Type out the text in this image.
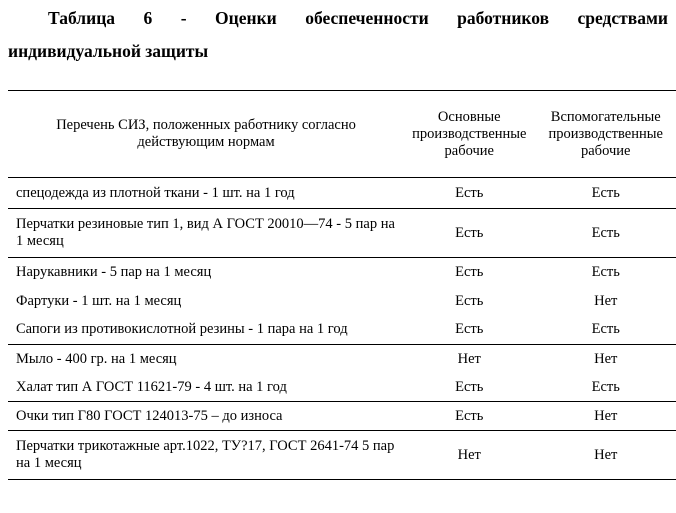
Таблица 6 - Оценки обеспеченности работников средствами
индивидуальной защиты
Перечень СИЗ, положенных работнику согласно действующим нормам	Основные производственные рабочие	Вспомогательные производственные рабочие
спецодежда из плотной ткани - 1 шт. на 1 год	Есть	Есть
Перчатки резиновые тип 1, вид А ГОСТ 20010—74 - 5 пар на 1 месяц	Есть	Есть
Нарукавники - 5 пар на 1 месяц	Есть	Есть
Фартуки - 1 шт. на 1 месяц	Есть	Нет
Сапоги из противокислотной резины - 1 пара на 1 год	Есть	Есть
Мыло - 400 гр. на 1 месяц	Нет	Нет
Халат тип А ГОСТ 11621-79 - 4 шт. на 1 год	Есть	Есть
Очки тип Г80 ГОСТ 124013-75 – до износа	Есть	Нет
Перчатки трикотажные арт.1022, ТУ?17, ГОСТ 2641-74 5 пар на 1 месяц	Нет	Нет
